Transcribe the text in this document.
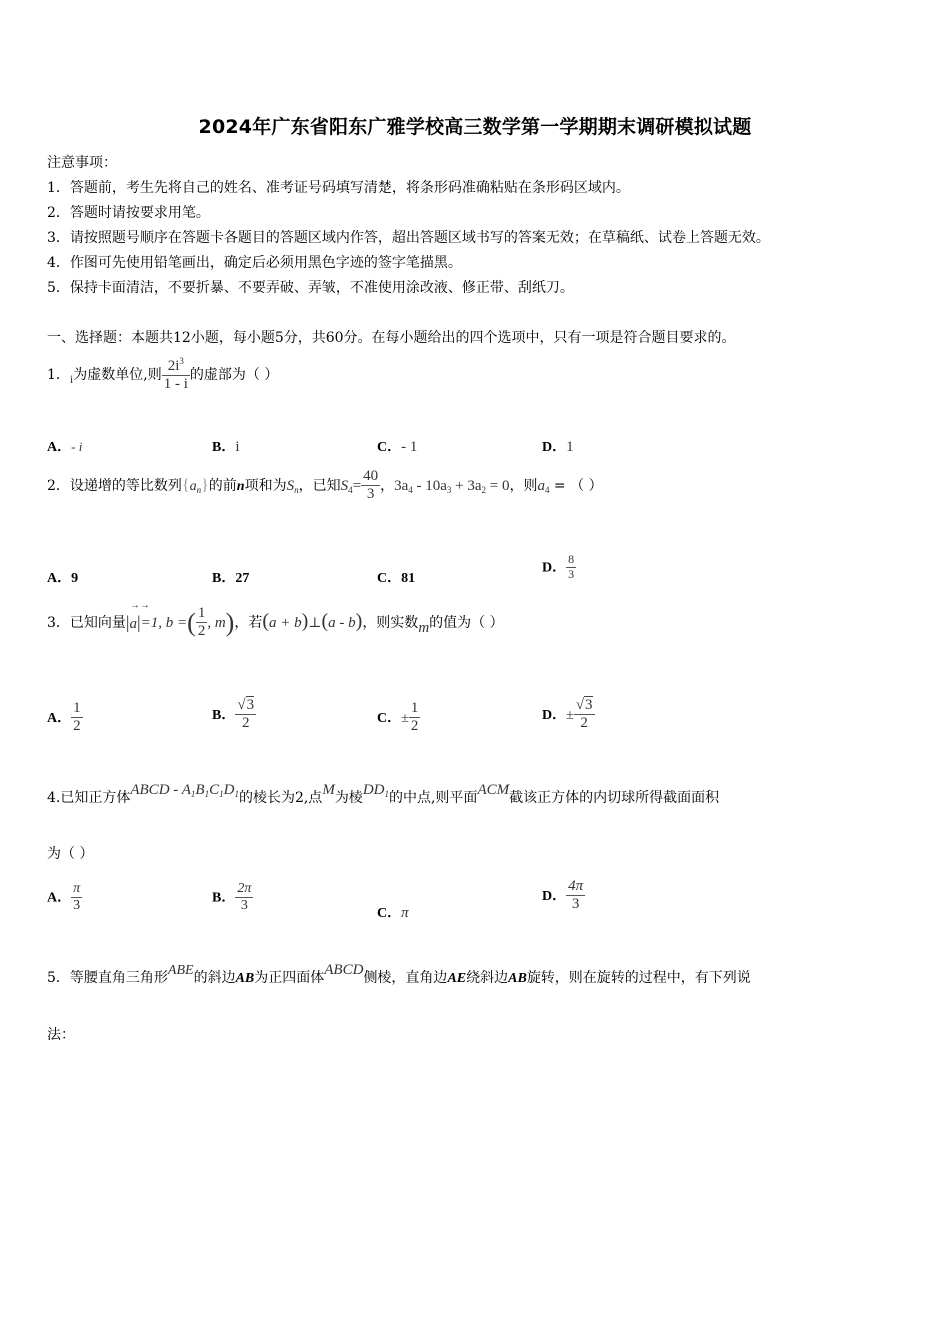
2024年广东省阳东广雅学校高三数学第一学期期末调研模拟试题
注意事项：
1．答题前，考生先将自己的姓名、准考证号码填写清楚，将条形码准确粘贴在条形码区域内。
2．答题时请按要求用笔。
3．请按照题号顺序在答题卡各题目的答题区域内作答，超出答题区域书写的答案无效；在草稿纸、试卷上答题无效。
4．作图可先使用铅笔画出，确定后必须用黑色字迹的签字笔描黑。
5．保持卡面清洁，不要折暴、不要弄破、弄皱，不准使用涂改液、修正带、刮纸刀。
一、选择题：本题共12小题，每小题5分，共60分。在每小题给出的四个选项中，只有一项是符合题目要求的。
1．i为虚数单位,则 $\frac{2i^3}{1 - i}$ 的虚部为（ ）
A．- i	B．i	C．- 1	D．1
2．设递增的等比数列$\{a_n\}$的前n项和为$S_n$，已知$S_4= \frac{40}{3}$ ，$3a_4 - 10a_3 + 3a_2 = 0$，则$a_4$ = （ ）
A．9	B．27	C．81
D． $\frac{8}{3}$
3．已知向量
→→
|a|=1, b =( $\frac{1}{2}$ , m)，若(a + b)⊥(a - b)，则实数m的值为（ ）
A． $\frac{1}{2}$	B． $\frac{√3}{2}$	C．± $\frac{1}{2}$	D．± $\frac{√3}{2}$
4.已知正方体ABCD - $A_1B_1C_1D_1$的棱长为2,点M为棱$DD_1$的中点,则平面ACM截该正方体的内切球所得截面面积
为（ ）
A． $\frac{\pi}{3}$	B． $\frac{2\pi}{3}$	C．π
D． $\frac{4\pi}{3}$
5．等腰直角三角形ABE的斜边AB为正四面体ABCD侧棱，直角边AE绕斜边AB旋转，则在旋转的过程中，有下列说
法：
